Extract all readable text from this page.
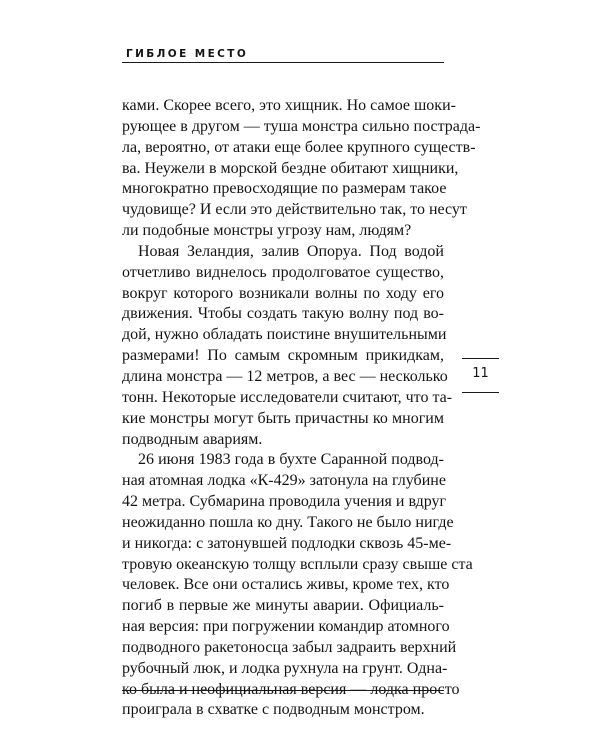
ГИБЛОЕ МЕСТО
ками. Скорее всего, это хищник. Но самое шоки-
рующее в другом — туша монстра сильно пострада-
ла, вероятно, от атаки еще более крупного существ-
ва. Неужели в морской бездне обитают хищники,
многократно превосходящие по размерам такое
чудовище? И если это действительно так, то несут
ли подобные монстры угрозу нам, людям?
Новая Зеландия, залив Опоруа. Под водой
отчетливо виднелось продолговатое существо,
вокруг которого возникали волны по ходу его
движения. Чтобы создать такую волну под во-
дой, нужно обладать поистине внушительными
размерами! По самым скромным прикидкам,
длина монстра — 12 метров, а вес — несколько
тонн. Некоторые исследователи считают, что та-
кие монстры могут быть причастны ко многим
подводным авариям.
26 июня 1983 года в бухте Саранной подвод-
ная атомная лодка «К-429» затонула на глубине
42 метра. Субмарина проводила учения и вдруг
неожиданно пошла ко дну. Такого не было нигде
и никогда: с затонувшей подлодки сквозь 45-ме-
тровую океанскую толщу всплыли сразу свыше ста
человек. Все они остались живы, кроме тех, кто
погиб в первые же минуты аварии. Официаль-
ная версия: при погружении командир атомного
подводного ракетоносца забыл задраить верхний
рубочный люк, и лодка рухнула на грунт. Одна-
ко была и неофициальная версия — лодка просто
проиграла в схватке с подводным монстром.
11
